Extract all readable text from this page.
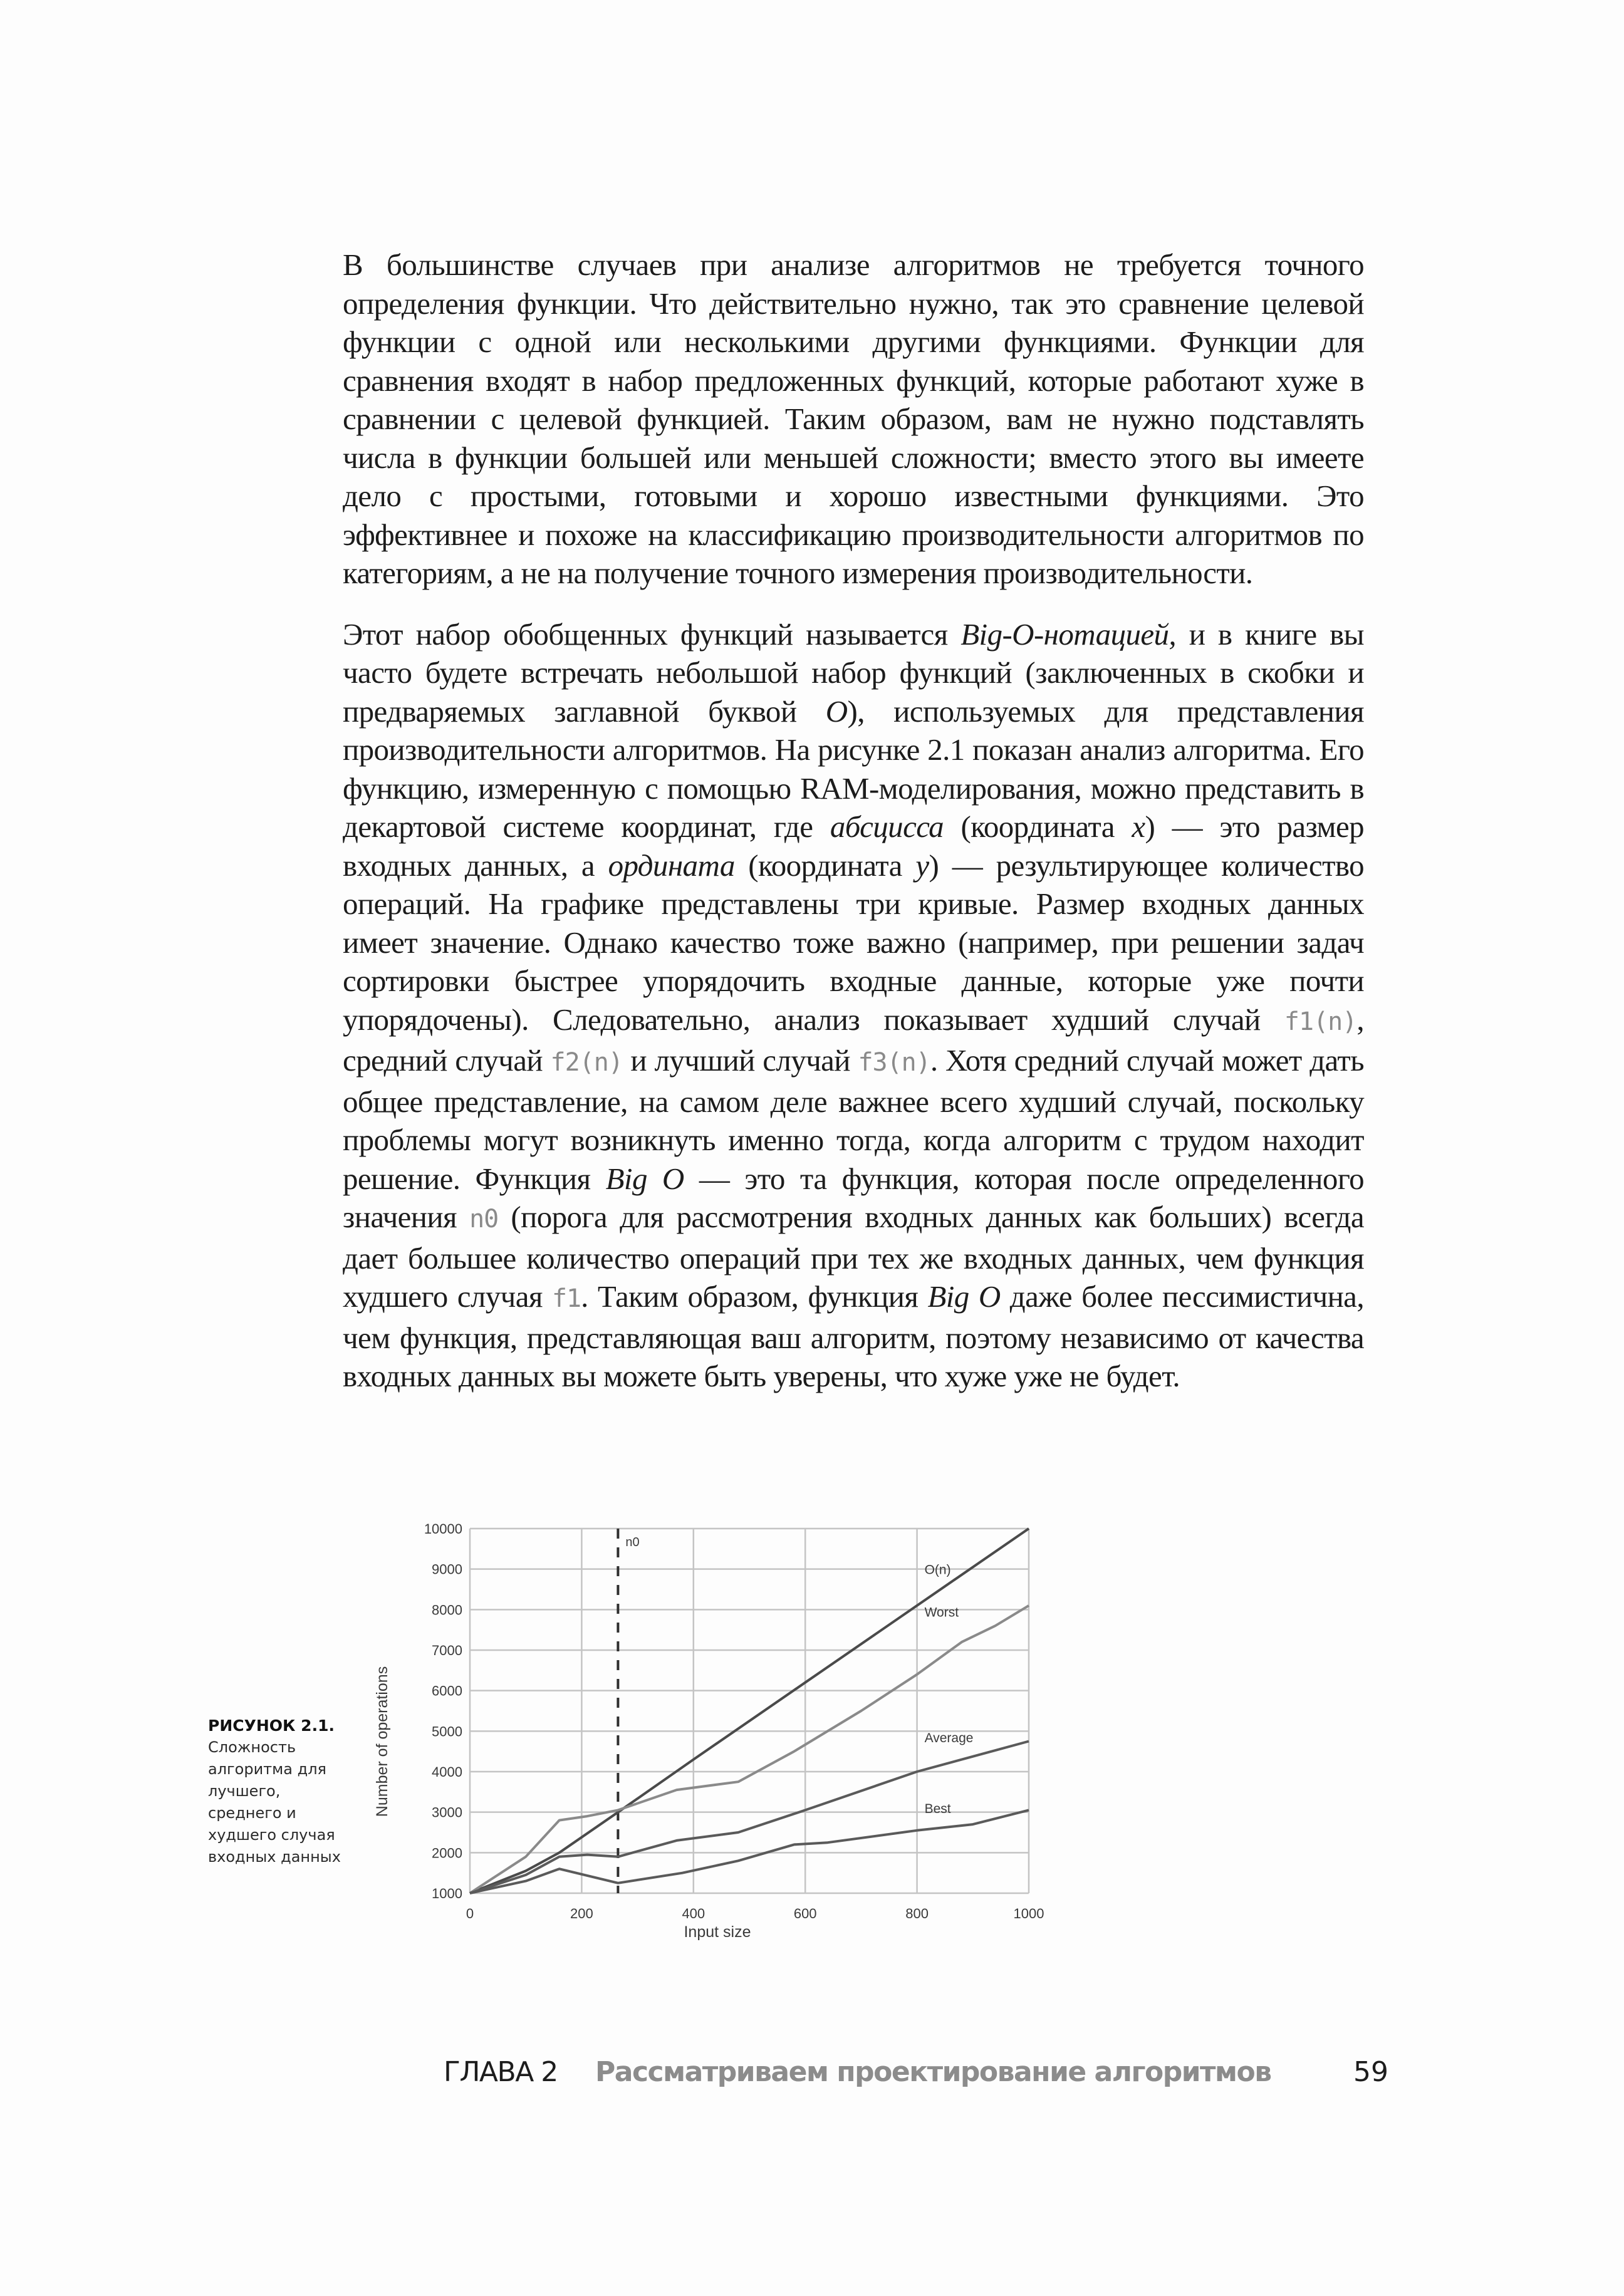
В большинстве случаев при анализе алгоритмов не требуется точного определения функции. Что действительно нужно, так это сравнение целевой функции с одной или несколькими другими функциями. Функции для сравнения входят в набор предложенных функций, которые работают хуже в сравнении с целевой функцией. Таким образом, вам не нужно подставлять числа в функции большей или меньшей сложности; вместо этого вы имеете дело с простыми, готовыми и хорошо известными функциями. Это эффективнее и похоже на классификацию производительности алгоритмов по категориям, а не на получение точного измерения производительности.

Этот набор обобщенных функций называется Big-O-нотацией, и в книге вы часто будете встречать небольшой набор функций (заключенных в скобки и предваряемых заглавной буквой O), используемых для представления производительности алгоритмов. На рисунке 2.1 показан анализ алгоритма. Его функцию, измеренную с помощью RAM-моделирования, можно представить в декартовой системе координат, где абсцисса (координата x) — это размер входных данных, а ордината (координата y) — результирующее количество операций. На графике представлены три кривые. Размер входных данных имеет значение. Однако качество тоже важно (например, при решении задач сортировки быстрее упорядочить входные данные, которые уже почти упорядочены). Следовательно, анализ показывает худший случай f1(n), средний случай f2(n) и лучший случай f3(n). Хотя средний случай может дать общее представление, на самом деле важнее всего худший случай, поскольку проблемы могут возникнуть именно тогда, когда алгоритм с трудом находит решение. Функция Big O — это та функция, которая после определенного значения n0 (порога для рассмотрения входных данных как больших) всегда дает большее количество операций при тех же входных данных, чем функция худшего случая f1. Таким образом, функция Big O даже более пессимистична, чем функция, представляющая ваш алгоритм, поэтому независимо от качества входных данных вы можете быть уверены, что хуже уже не будет.

РИСУНОК 2.1.
Сложность алгоритма для лучшего, среднего и худшего случая входных данных
1000
2000
3000
4000
5000
6000
7000
8000
9000
10000
0	200	400	600	800	1000
n0
O(n)
Worst
Average
Best
Number of operations
Input size
ГЛАВА 2 Рассматриваем проектирование алгоритмов	59
